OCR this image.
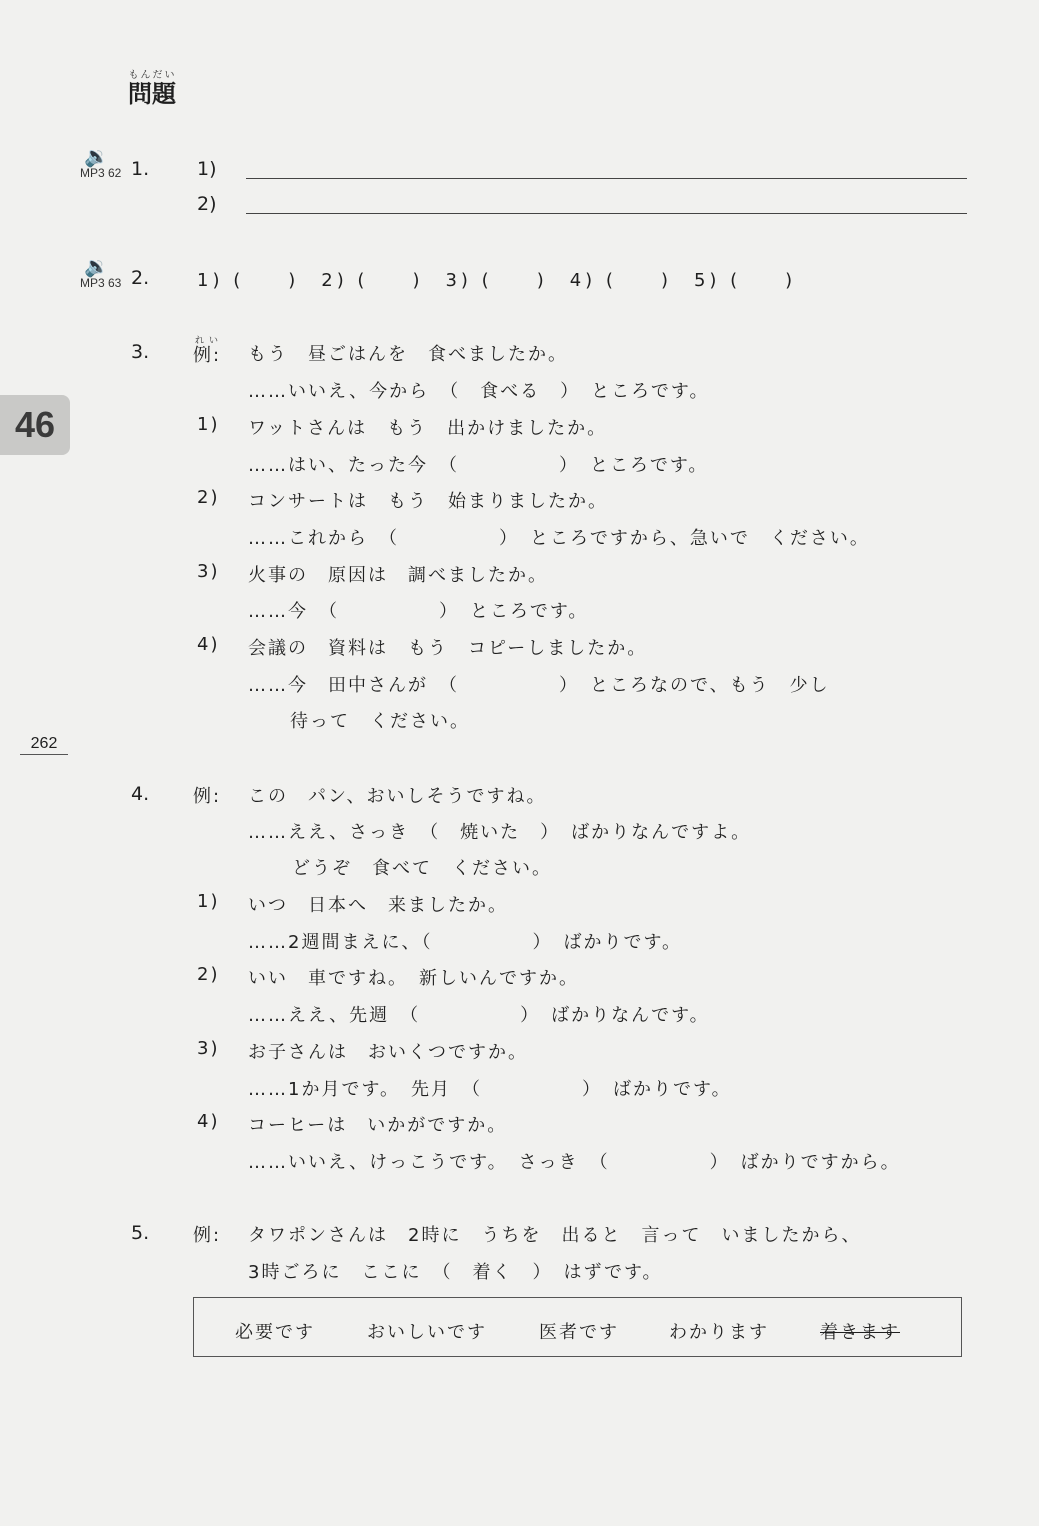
問題もんだい
46
262
🔉
MP3 62 1.	1)
2)
🔉
MP3 63 2.	1) (　　)　2) (　　)　3) (　　)　4) (　　)　5) (　　)
3. 例:れい
もう　昼ごはんを　食べましたか。
……いいえ、今から　（　食べる　）　ところです。
1) ワットさんは　もう　出かけましたか。
……はい、たった今　（　　　　　）　ところです。
2) コンサートは　もう　始まりましたか。
……これから　（　　　　　）　ところですから、急いで　ください。
3) 火事の　原因は　調べましたか。
……今　（　　　　　）　ところです。
4) 会議の　資料は　もう　コピーしましたか。
……今　田中さんが　（　　　　　）　ところなので、もう　少し
待って　ください。
4. 例: この　パン、おいしそうですね。
……ええ、さっき　（　焼いた　）　ばかりなんですよ。
どうぞ　食べて　ください。
1) いつ　日本へ　来ましたか。
……2週間まえに、（　　　　　）　ばかりです。
2) いい　車ですね。　新しいんですか。
……ええ、先週　（　　　　　）　ばかりなんです。
3) お子さんは　おいくつですか。
……1か月です。　先月　（　　　　　）　ばかりです。
4) コーヒーは　いかがですか。
……いいえ、けっこうです。　さっき　（　　　　　）　ばかりですから。
5. 例: タワポンさんは　2時に　うちを　出ると　言って　いましたから、
3時ごろに　ここに　（　着く　）　はずです。
必要です	おいしいです	医者です	わかります	着きます
